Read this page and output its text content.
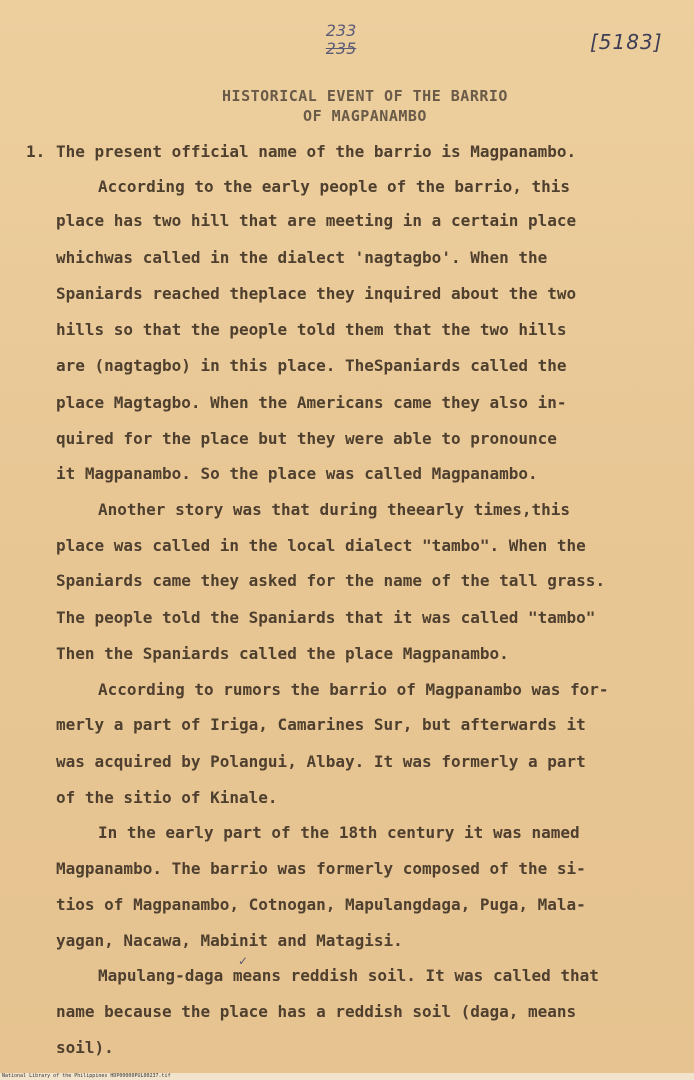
233
235	[5183]
HISTORICAL EVENT OF THE BARRIO
OF MAGPANAMBO
1. The present official name of the barrio is Magpanambo.
According to the early people of the barrio, this
place has two hill that are meeting in a certain place
whichwas called in the dialect 'nagtagbo'. When the
Spaniards reached theplace they inquired about the two
hills so that the people told them that the two hills
are (nagtagbo) in this place. TheSpaniards called the
place Magtagbo. When the Americans came they also in-
quired for the place but they were able to pronounce
it Magpanambo. So the place was called Magpanambo.
Another story was that during theearly times,this
place was called in the local dialect "tambo". When the
Spaniards came they asked for the name of the tall grass.
The people told the Spaniards that it was called "tambo"
Then the Spaniards called the place Magpanambo.
According to rumors the barrio of Magpanambo was for-
merly a part of Iriga, Camarines Sur, but afterwards it
was acquired by Polangui, Albay. It was formerly a part
of the sitio of Kinale.
In the early part of the 18th century it was named
Magpanambo. The barrio was formerly composed of the si-
tios of Magpanambo, Cotnogan, Mapulangdaga, Puga, Mala-
yagan, Nacawa, Mabinit and Matagisi.
✓
Mapulang-daga means reddish soil. It was called that
name because the place has a reddish soil (daga, means
soil).
National Library of the Philippines HDP00000PUL00237.tif
